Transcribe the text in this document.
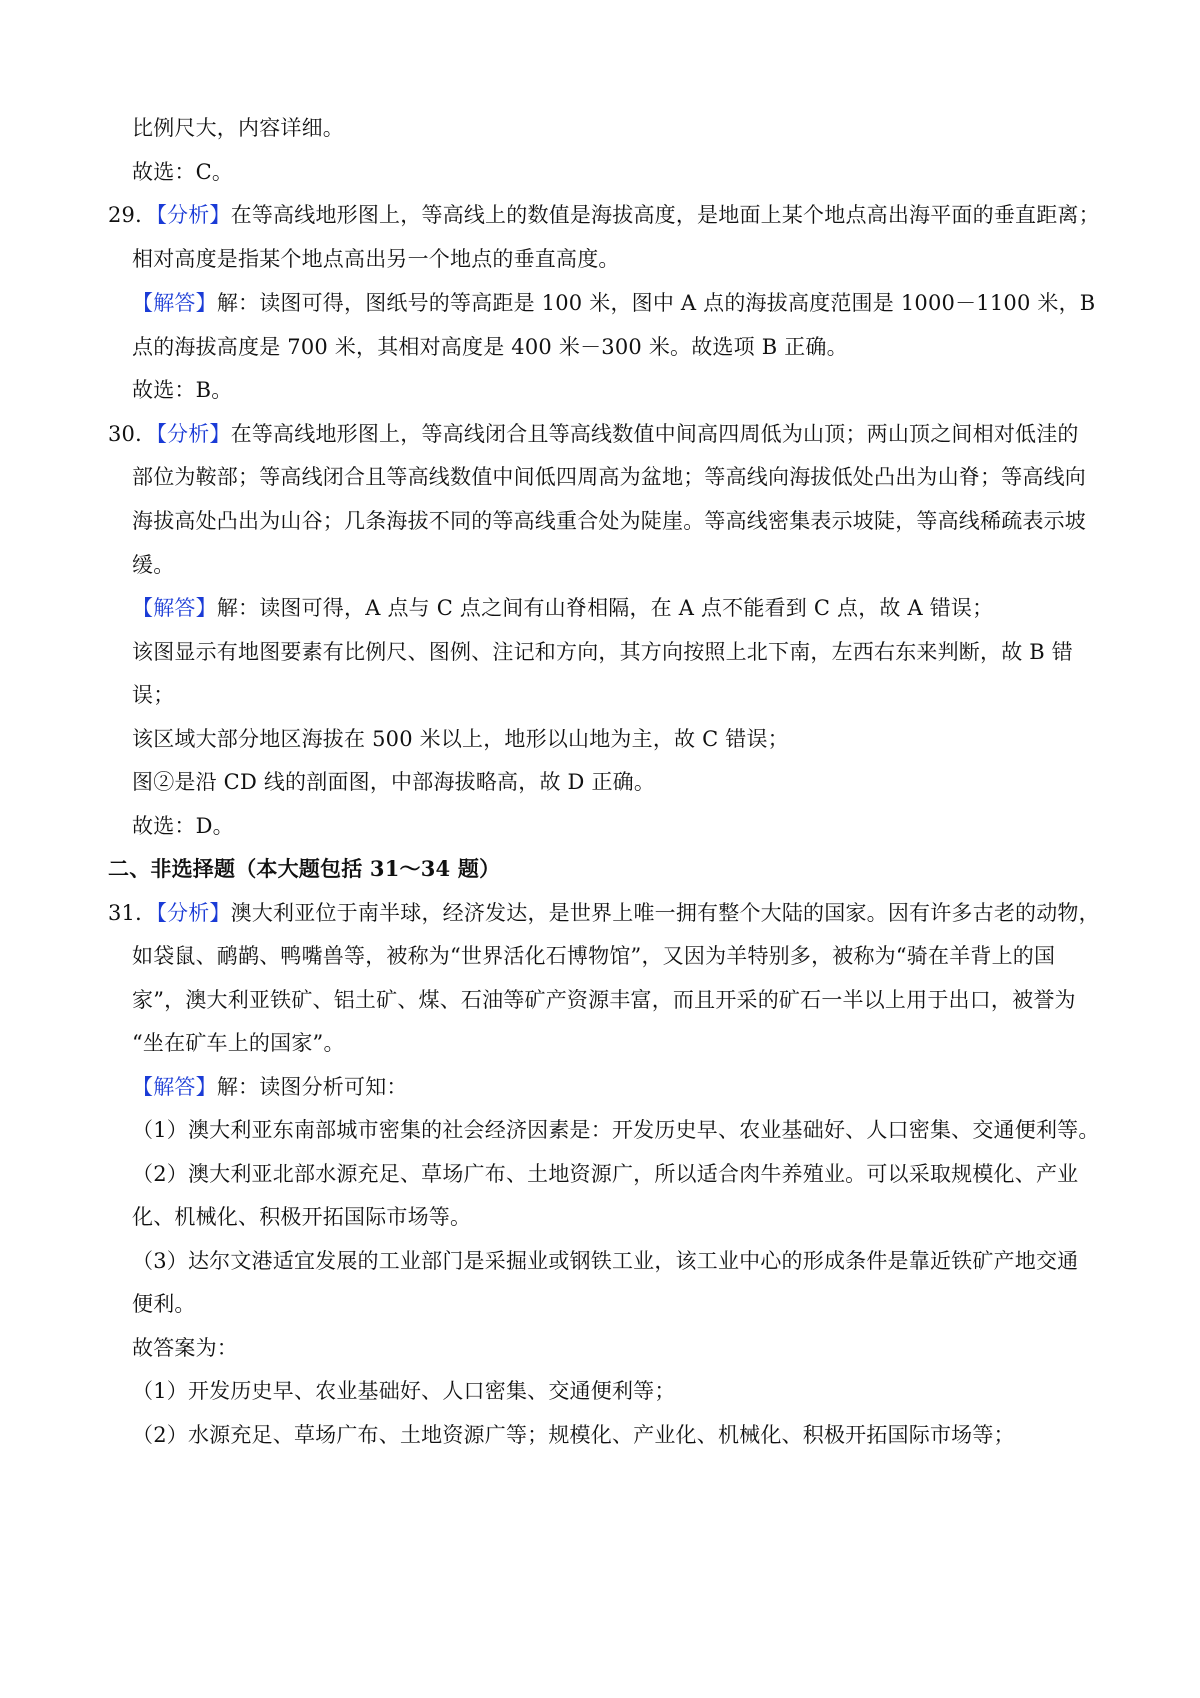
比例尺大，内容详细。
故选：C。
29．【分析】在等高线地形图上，等高线上的数值是海拔高度，是地面上某个地点高出海平面的垂直距离；
相对高度是指某个地点高出另一个地点的垂直高度。
【解答】解：读图可得，图纸号的等高距是 100 米，图中 A 点的海拔高度范围是 1000－1100 米，B
点的海拔高度是 700 米，其相对高度是 400 米－300 米。故选项 B 正确。
故选：B。
30．【分析】在等高线地形图上，等高线闭合且等高线数值中间高四周低为山顶；两山顶之间相对低洼的
部位为鞍部；等高线闭合且等高线数值中间低四周高为盆地；等高线向海拔低处凸出为山脊；等高线向
海拔高处凸出为山谷；几条海拔不同的等高线重合处为陡崖。等高线密集表示坡陡，等高线稀疏表示坡
缓。
【解答】解：读图可得，A 点与 C 点之间有山脊相隔，在 A 点不能看到 C 点，故 A 错误；
该图显示有地图要素有比例尺、图例、注记和方向，其方向按照上北下南，左西右东来判断，故 B 错
误；
该区域大部分地区海拔在 500 米以上，地形以山地为主，故 C 错误；
图②是沿 CD 线的剖面图，中部海拔略高，故 D 正确。
故选：D。
二、非选择题（本大题包括 31～34 题）
31．【分析】澳大利亚位于南半球，经济发达，是世界上唯一拥有整个大陆的国家。因有许多古老的动物，
如袋鼠、鸸鹋、鸭嘴兽等，被称为“世界活化石博物馆”，又因为羊特别多，被称为“骑在羊背上的国
家”，澳大利亚铁矿、铝土矿、煤、石油等矿产资源丰富，而且开采的矿石一半以上用于出口，被誉为
“坐在矿车上的国家”。
【解答】解：读图分析可知：
（1）澳大利亚东南部城市密集的社会经济因素是：开发历史早、农业基础好、人口密集、交通便利等。
（2）澳大利亚北部水源充足、草场广布、土地资源广，所以适合肉牛养殖业。可以采取规模化、产业
化、机械化、积极开拓国际市场等。
（3）达尔文港适宜发展的工业部门是采掘业或钢铁工业，该工业中心的形成条件是靠近铁矿产地交通
便利。
故答案为：
（1）开发历史早、农业基础好、人口密集、交通便利等；
（2）水源充足、草场广布、土地资源广等；规模化、产业化、机械化、积极开拓国际市场等；
